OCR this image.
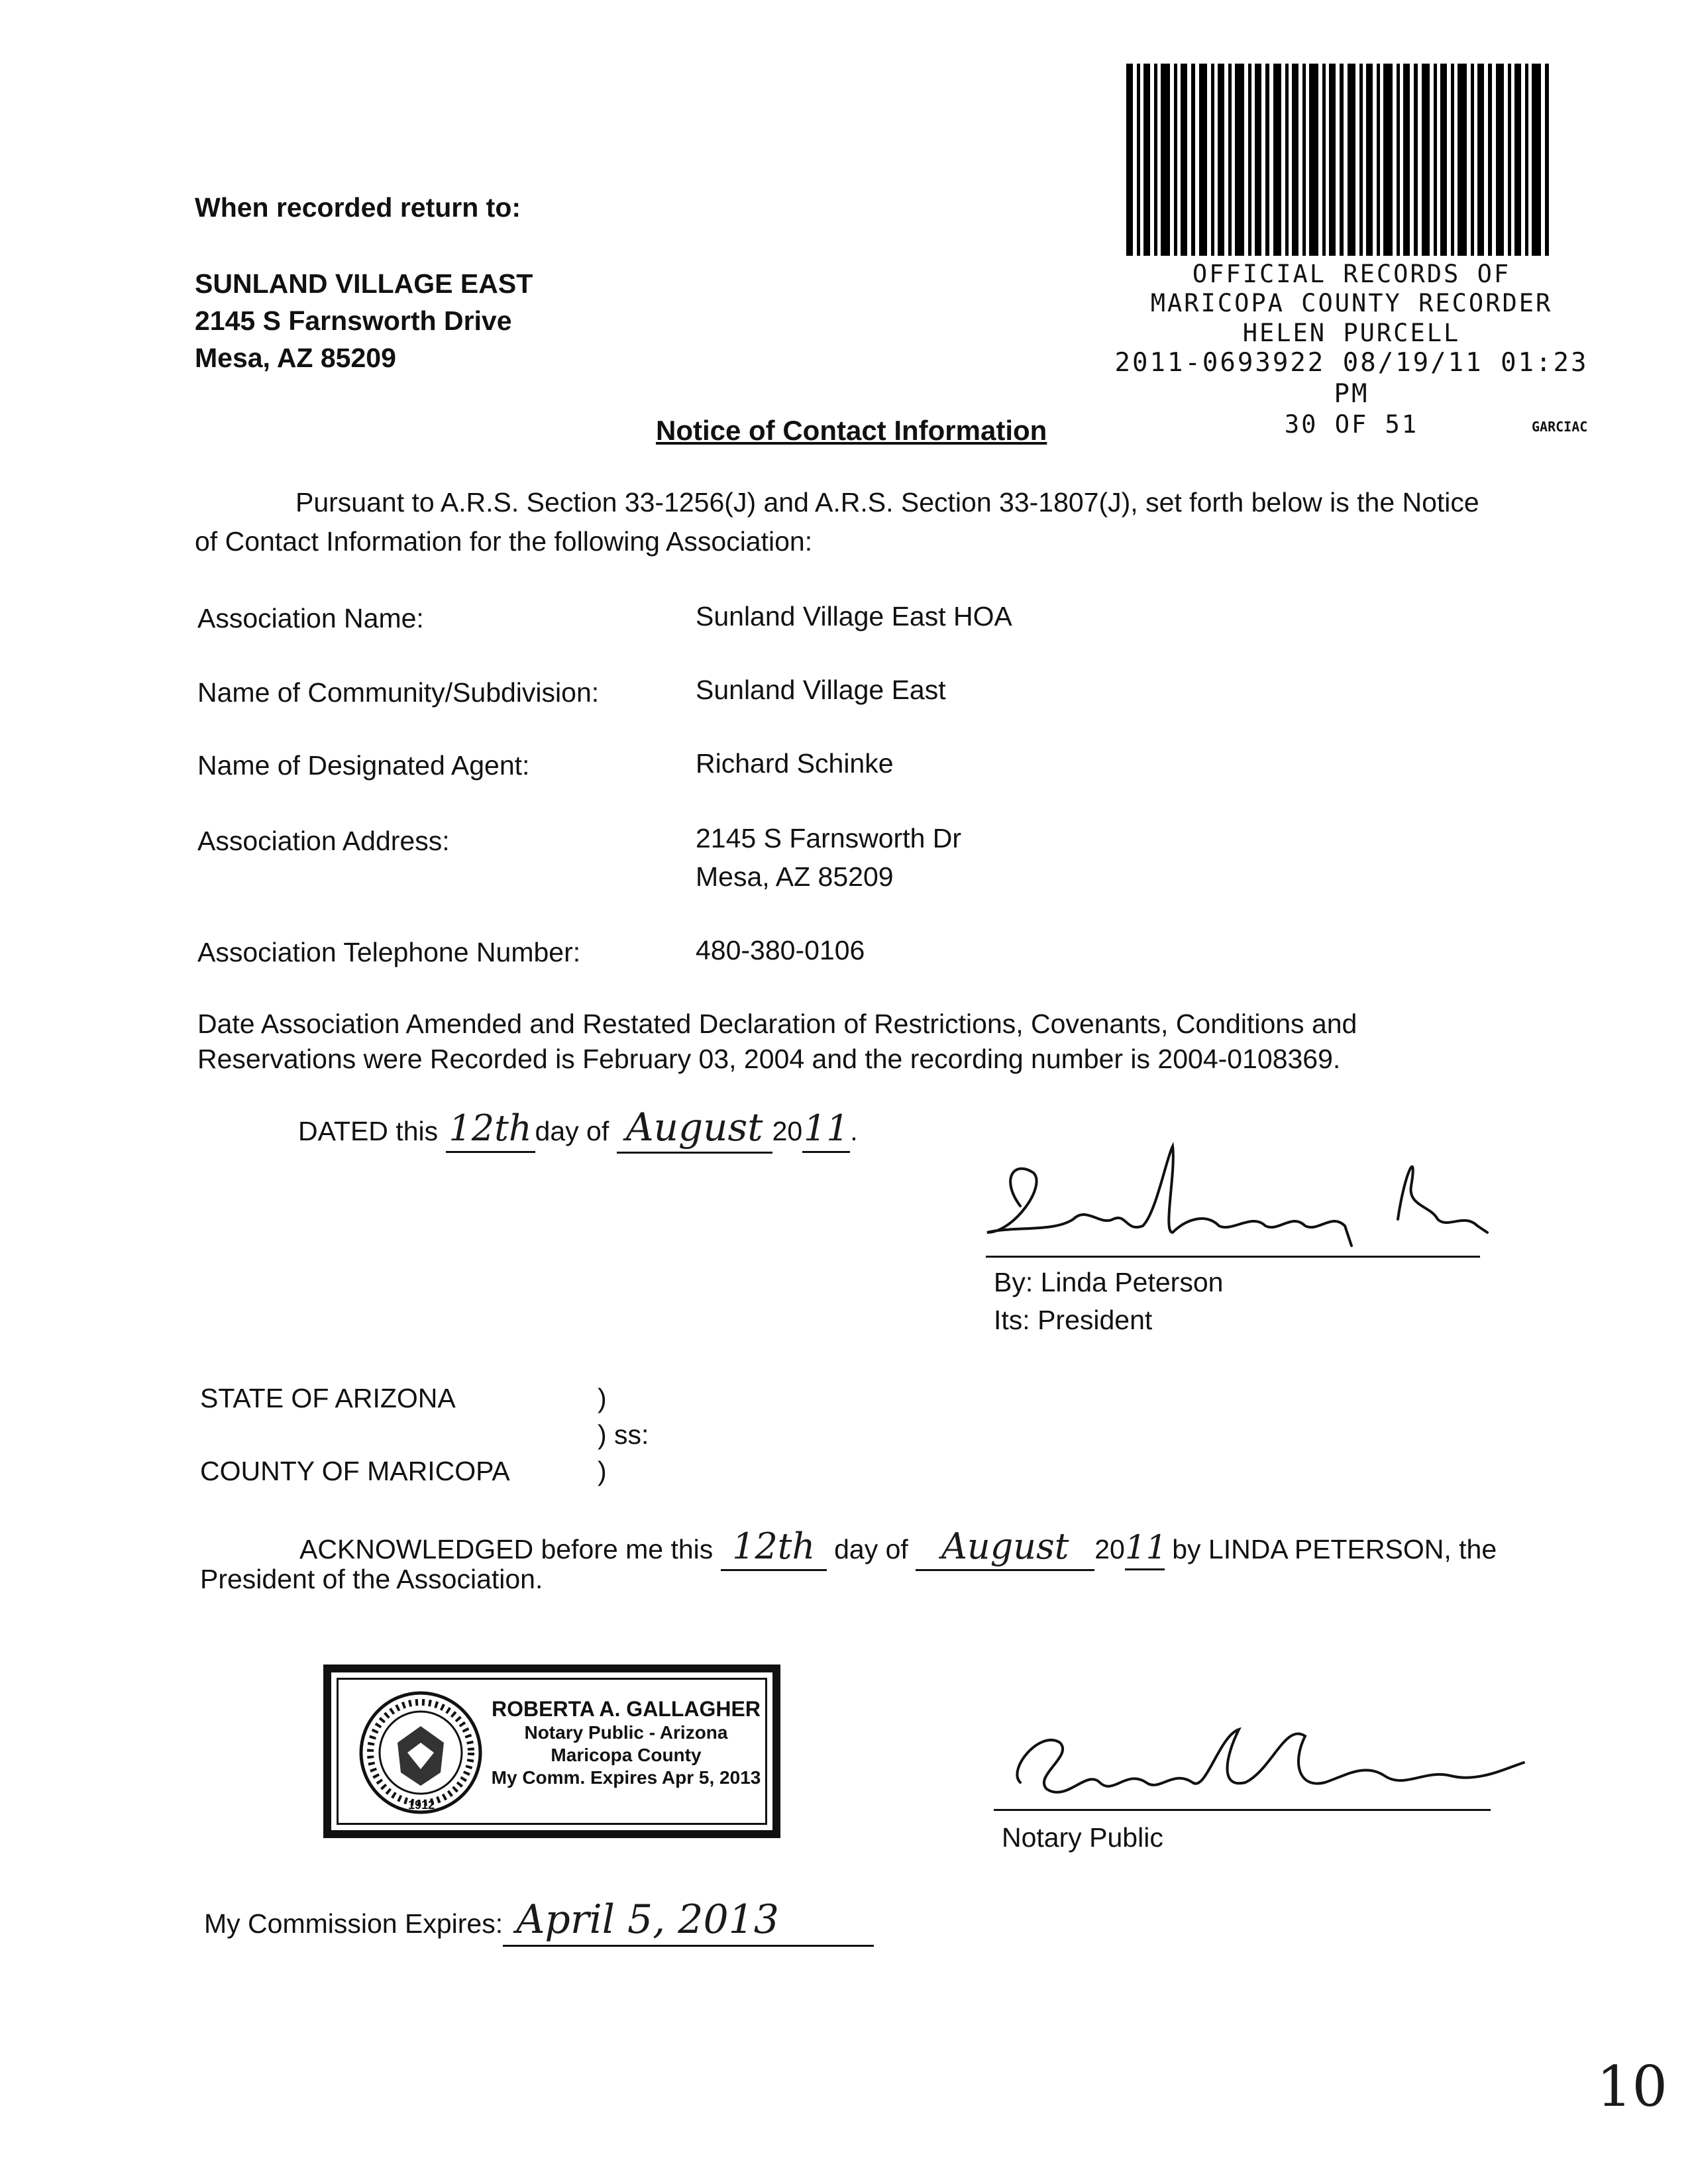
OFFICIAL RECORDS OF
MARICOPA COUNTY RECORDER
HELEN PURCELL
2011-0693922 08/19/11 01:23 PM
30 OF 51	GARCIAC
When recorded return to:
SUNLAND VILLAGE EAST
2145 S Farnsworth Drive
Mesa, AZ 85209
Notice of Contact Information
Pursuant to A.R.S. Section 33-1256(J) and A.R.S. Section 33-1807(J), set forth below is the Notice
of Contact Information for the following Association:
Association Name:	Sunland Village East HOA
Name of Community/Subdivision:	Sunland Village East
Name of Designated Agent:	Richard Schinke
Association Address:	2145 S Farnsworth Dr
Mesa, AZ 85209
Association Telephone Number:	480-380-0106
Date Association Amended and Restated Declaration of Restrictions, Covenants, Conditions and
Reservations were Recorded is February 03, 2004 and the recording number is 2004-0108369.
DATED this 12th day of August 2011.
By: Linda Peterson
Its: President
STATE OF ARIZONA	)
) ss:
COUNTY OF MARICOPA	)
ACKNOWLEDGED before me this 12th day of August 2011 by LINDA PETERSON, the
President of the Association.
1912
ROBERTA A. GALLAGHER
Notary Public - Arizona
Maricopa County
My Comm. Expires Apr 5, 2013
Notary Public
My Commission Expires: April 5, 2013
10
